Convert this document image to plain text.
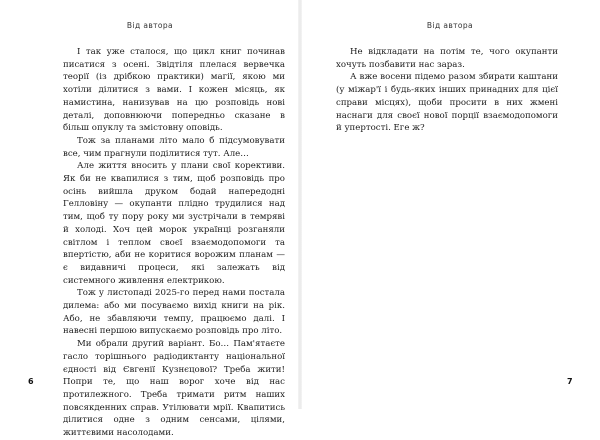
Від автора

І так уже сталося, що цикл книг починав писатися з осені. Звідтіля плелася вервечка теорії (із дрібкою практики) магії, якою ми хотіли ділитися з вами. І кожен місяць, як намистина, нанизував на цю розповідь нові деталі, доповнюючи попередньо сказане в більш опуклу та змістовну оповідь.

Тож за планами літо мало б підсумовувати все, чим прагнули поділитися тут. Але…

Але життя вносить у плани свої корективи. Як би не квапилися з тим, щоб розповідь про осінь вийшла друком бодай напередодні Гелловіну — окупанти плідно трудилися над тим, щоб ту пору року ми зустрічали в темряві й холоді. Хоч цей морок українці розганяли світлом і теплом своєї взаємодопомоги та впертістю, аби не коритися ворожим планам — є видавничі процеси, які залежать від системного живлення електрикою.

Тож у листопаді 2025-го перед нами постала дилема: або ми посуваємо вихід книги на рік. Або, не збавляючи темпу, працюємо далі. І навесні першою випускаємо розповідь про літо.

Ми обрали другий варіант. Бо… Пам'ятаєте гасло торішнього радіодиктанту національної єдності від Євгенії Кузнєцової? Треба жити! Попри те, що наш ворог хоче від нас протилежного. Треба тримати ритм наших повсякденних справ. Утілювати мрії. Квапитись ділитися одне з одним сенсами, цілями, життєвими насолодами.

6
Від автора

Не відкладати на потім те, чого окупанти хочуть позбавити нас зараз.

А вже восени підемо разом збирати каштани (у міжар'ї і будь-яких інших принадних для цієї справи місцях), щоби просити в них жмені наснаги для своєї нової порції взаємодопомоги й упертості. Еге ж?

7
